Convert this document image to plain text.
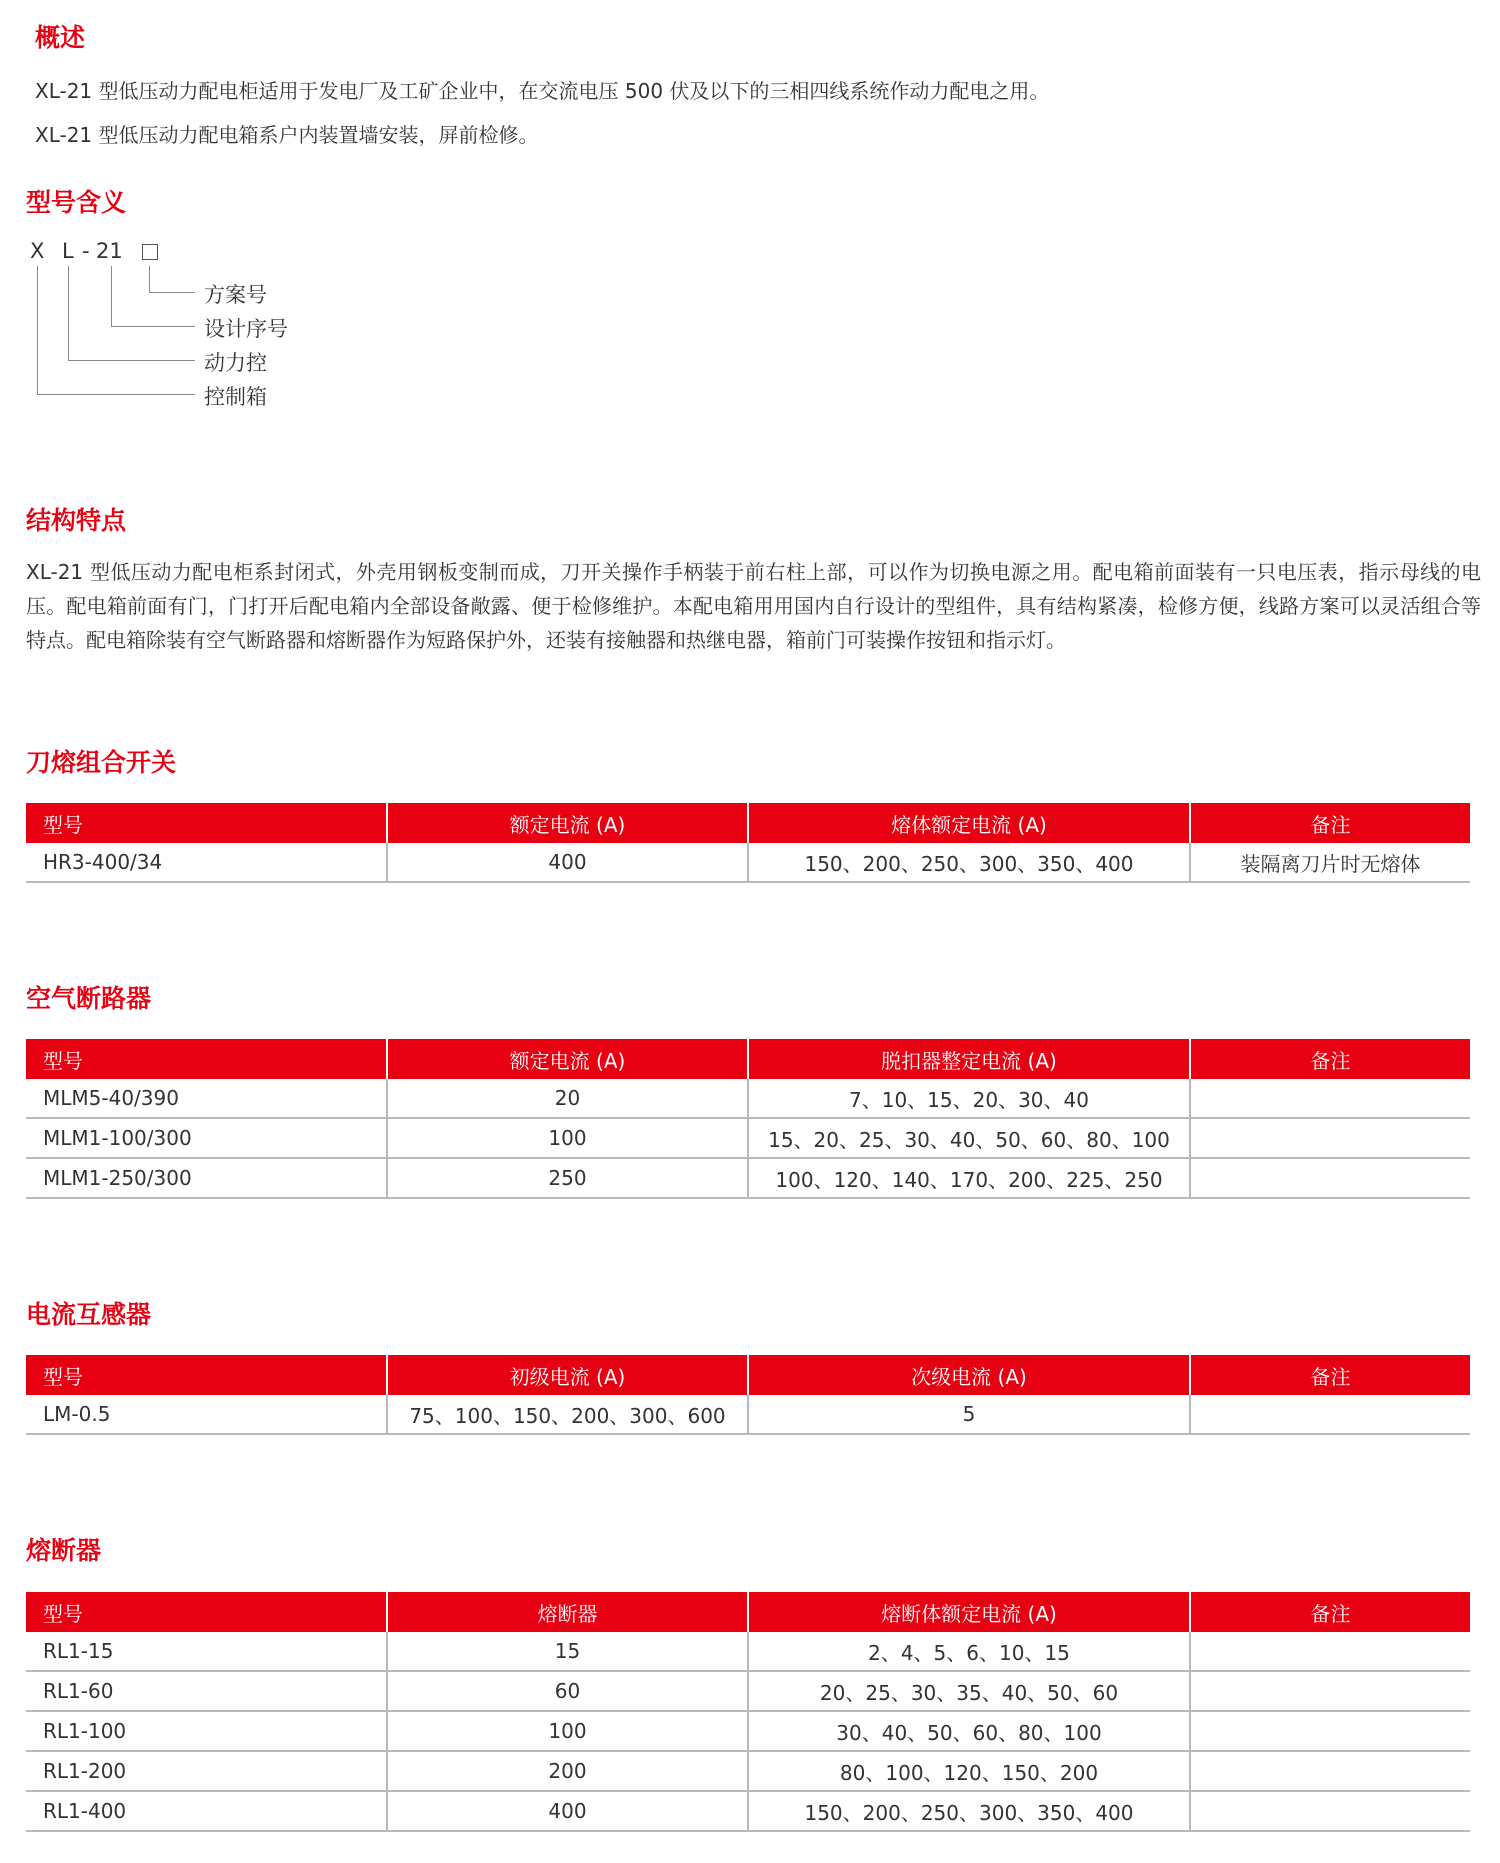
概述
XL-21 型低压动力配电柜适用于发电厂及工矿企业中，在交流电压 500 伏及以下的三相四线系统作动力配电之用。
XL-21 型低压动力配电箱系户内装置墙安装，屏前检修。
型号含义
X L - 21
方案号
设计序号
动力控
控制箱
结构特点
XL-21 型低压动力配电柜系封闭式，外壳用钢板变制而成，刀开关操作手柄装于前右柱上部，可以作为切换电源之用。配电箱前面装有一只电压表，指示母线的电压。配电箱前面有门，门打开后配电箱内全部设备敞露、便于检修维护。本配电箱用用国内自行设计的型组件，具有结构紧凑，检修方便，线路方案可以灵活组合等特点。配电箱除装有空气断路器和熔断器作为短路保护外，还装有接触器和热继电器，箱前门可装操作按钮和指示灯。
刀熔组合开关
型号	额定电流 (A)	熔体额定电流 (A)	备注
HR3-400/34	400	150、200、250、300、350、400	装隔离刀片时无熔体
空气断路器
型号	额定电流 (A)	脱扣器整定电流 (A)	备注
MLM5-40/390	20	7、10、15、20、30、40	
MLM1-100/300	100	15、20、25、30、40、50、60、80、100	
MLM1-250/300	250	100、120、140、170、200、225、250	
电流互感器
型号	初级电流 (A)	次级电流 (A)	备注
LM-0.5	75、100、150、200、300、600	5	
熔断器
型号	熔断器	熔断体额定电流 (A)	备注
RL1-15	15	2、4、5、6、10、15	
RL1-60	60	20、25、30、35、40、50、60	
RL1-100	100	30、40、50、60、80、100	
RL1-200	200	80、100、120、150、200	
RL1-400	400	150、200、250、300、350、400	
